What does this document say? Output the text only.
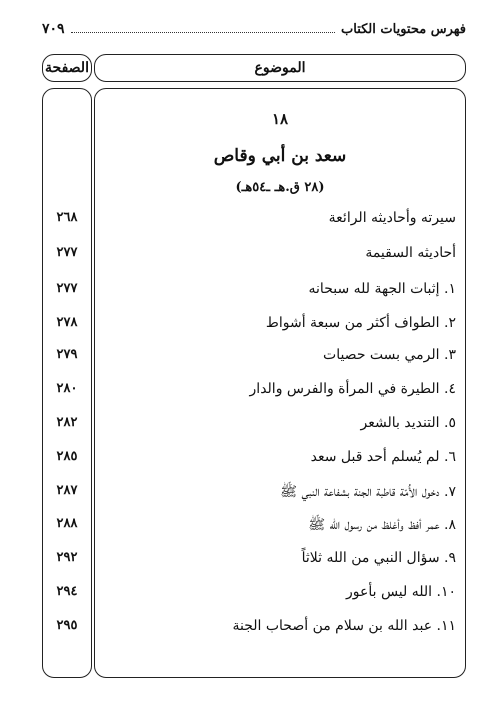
فهرس محتويات الكتاب
٧٠٩
الموضوع
الصفحة
١٨
سعد بن أبي وقاص
(٢٨ ق.هـ ـ٥٤هـ)
سيرته وأحاديثه الرائعة
أحاديثه السقيمة
١. إثبات الجهة لله سبحانه
٢. الطواف أكثر من سبعة أشواط
٣. الرمي بست حصيات
٤. الطيرة في المرأة والفرس والدار
٥. التنديد بالشعر
٦. لم يُسلم أحد قبل سعد
٧. دخول الأُمّة قاطبة الجنة بشفاعة النبي ﷺ
٨. عمر أفظ وأغلظ من رسول الله ﷺ
٩. سؤال النبي من الله ثلاثاً
١٠. الله ليس بأعور
١١. عبد الله بن سلام من أصحاب الجنة
٢٦٨
٢٧٧
٢٧٧
٢٧٨
٢٧٩
٢٨٠
٢٨٢
٢٨٥
٢٨٧
٢٨٨
٢٩٢
٢٩٤
٢٩٥
